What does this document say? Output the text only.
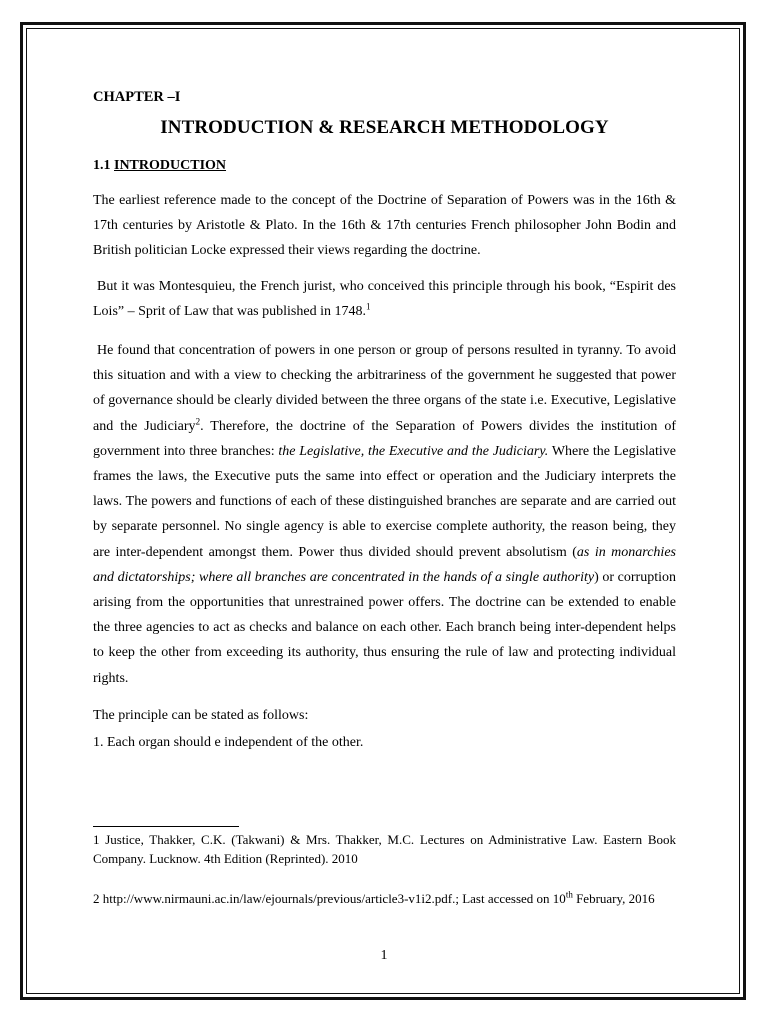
CHAPTER –I
INTRODUCTION & RESEARCH METHODOLOGY
1.1 INTRODUCTION

The earliest reference made to the concept of the Doctrine of Separation of Powers was in the 16th & 17th centuries by Aristotle & Plato. In the 16th & 17th centuries French philosopher John Bodin and British politician Locke expressed their views regarding the doctrine.

But it was Montesquieu, the French jurist, who conceived this principle through his book, “Espirit des Lois” – Sprit of Law that was published in 1748.$^1$

He found that concentration of powers in one person or group of persons resulted in tyranny. To avoid this situation and with a view to checking the arbitrariness of the government he suggested that power of governance should be clearly divided between the three organs of the state i.e. Executive, Legislative and the Judiciary$^2$. Therefore, the doctrine of the Separation of Powers divides the institution of government into three branches: the Legislative, the Executive and the Judiciary. Where the Legislative frames the laws, the Executive puts the same into effect or operation and the Judiciary interprets the laws. The powers and functions of each of these distinguished branches are separate and are carried out by separate personnel. No single agency is able to exercise complete authority, the reason being, they are inter-dependent amongst them. Power thus divided should prevent absolutism (as in monarchies and dictatorships; where all branches are concentrated in the hands of a single authority) or corruption arising from the opportunities that unrestrained power offers. The doctrine can be extended to enable the three agencies to act as checks and balance on each other. Each branch being inter-dependent helps to keep the other from exceeding its authority, thus ensuring the rule of law and protecting individual rights.

The principle can be stated as follows:

1. Each organ should e independent of the other.

1 Justice, Thakker, C.K. (Takwani) & Mrs. Thakker, M.C. Lectures on Administrative Law. Eastern Book Company. Lucknow. 4th Edition (Reprinted). 2010
2 http://www.nirmauni.ac.in/law/ejournals/previous/article3-v1i2.pdf.; Last accessed on 10th February, 2016
1
